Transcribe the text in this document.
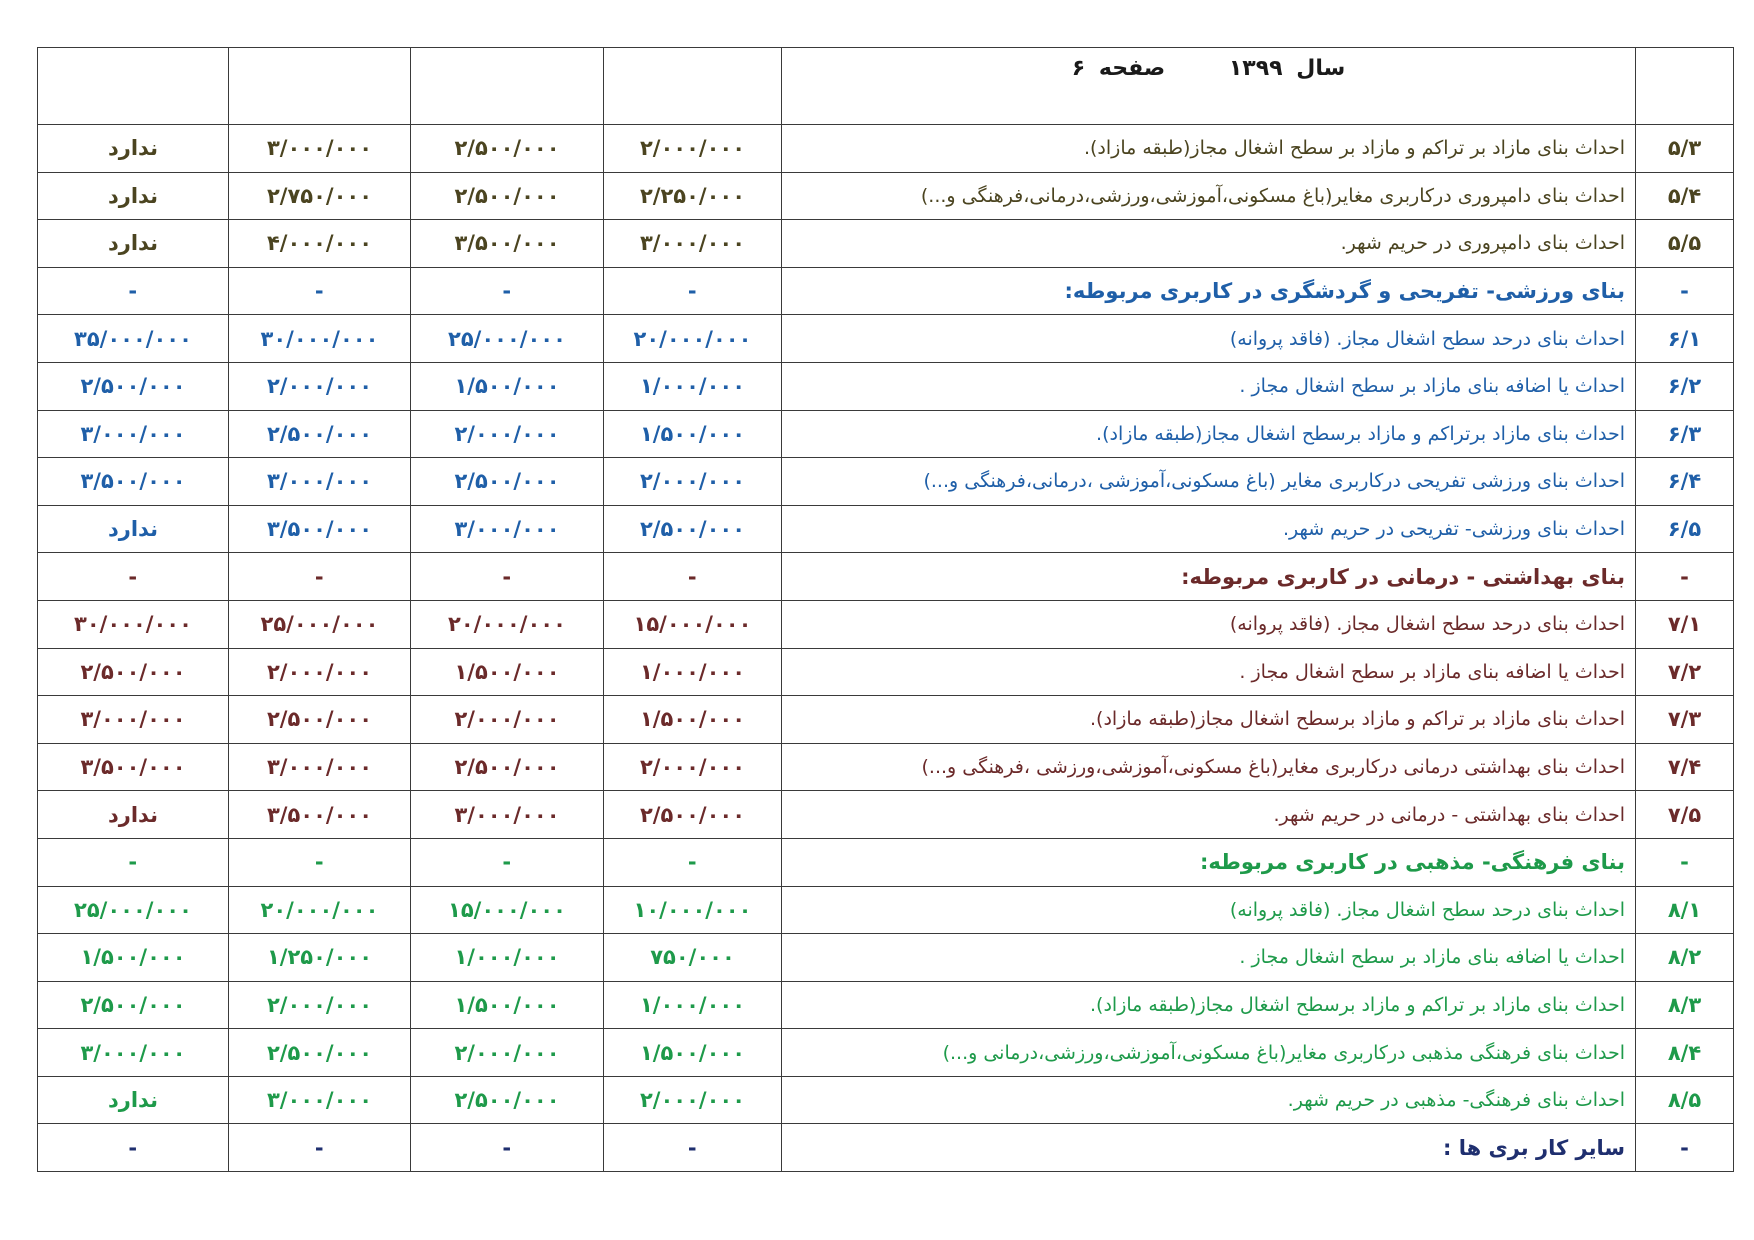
	سال ۱۳۹۹ صفحه ۶				
۵/۳	احداث بنای مازاد بر تراکم و مازاد بر سطح اشغال مجاز(طبقه مازاد).	۲/۰۰۰/۰۰۰	۲/۵۰۰/۰۰۰	۳/۰۰۰/۰۰۰	ندارد
۵/۴	احداث بنای دامپروری درکاربری مغایر(باغ مسکونی،آموزشی،ورزشی،درمانی،فرهنگی و...)	۲/۲۵۰/۰۰۰	۲/۵۰۰/۰۰۰	۲/۷۵۰/۰۰۰	ندارد
۵/۵	احداث بنای دامپروری در حریم شهر.	۳/۰۰۰/۰۰۰	۳/۵۰۰/۰۰۰	۴/۰۰۰/۰۰۰	ندارد
-	بنای ورزشی- تفریحی و گردشگری در کاربری مربوطه:	-	-	-	-
۶/۱	احداث بنای درحد سطح اشغال مجاز. (فاقد پروانه)	۲۰/۰۰۰/۰۰۰	۲۵/۰۰۰/۰۰۰	۳۰/۰۰۰/۰۰۰	۳۵/۰۰۰/۰۰۰
۶/۲	احداث یا اضافه بنای مازاد بر سطح اشغال مجاز .	۱/۰۰۰/۰۰۰	۱/۵۰۰/۰۰۰	۲/۰۰۰/۰۰۰	۲/۵۰۰/۰۰۰
۶/۳	احداث بنای مازاد برتراکم و مازاد برسطح اشغال مجاز(طبقه مازاد).	۱/۵۰۰/۰۰۰	۲/۰۰۰/۰۰۰	۲/۵۰۰/۰۰۰	۳/۰۰۰/۰۰۰
۶/۴	احداث بنای ورزشی تفریحی درکاربری مغایر (باغ مسکونی،آموزشی ،درمانی،فرهنگی و...)	۲/۰۰۰/۰۰۰	۲/۵۰۰/۰۰۰	۳/۰۰۰/۰۰۰	۳/۵۰۰/۰۰۰
۶/۵	احداث بنای ورزشی- تفریحی در حریم شهر.	۲/۵۰۰/۰۰۰	۳/۰۰۰/۰۰۰	۳/۵۰۰/۰۰۰	ندارد
-	بنای بهداشتی - درمانی در کاربری مربوطه:	-	-	-	-
۷/۱	احداث بنای درحد سطح اشغال مجاز. (فاقد پروانه)	۱۵/۰۰۰/۰۰۰	۲۰/۰۰۰/۰۰۰	۲۵/۰۰۰/۰۰۰	۳۰/۰۰۰/۰۰۰
۷/۲	احداث یا اضافه بنای مازاد بر سطح اشغال مجاز .	۱/۰۰۰/۰۰۰	۱/۵۰۰/۰۰۰	۲/۰۰۰/۰۰۰	۲/۵۰۰/۰۰۰
۷/۳	احداث بنای مازاد بر تراکم و مازاد برسطح اشغال مجاز(طبقه مازاد).	۱/۵۰۰/۰۰۰	۲/۰۰۰/۰۰۰	۲/۵۰۰/۰۰۰	۳/۰۰۰/۰۰۰
۷/۴	احداث بنای بهداشتی درمانی درکاربری مغایر(باغ مسکونی،آموزشی،ورزشی ،فرهنگی و...)	۲/۰۰۰/۰۰۰	۲/۵۰۰/۰۰۰	۳/۰۰۰/۰۰۰	۳/۵۰۰/۰۰۰
۷/۵	احداث بنای بهداشتی - درمانی در حریم شهر.	۲/۵۰۰/۰۰۰	۳/۰۰۰/۰۰۰	۳/۵۰۰/۰۰۰	ندارد
-	بنای فرهنگی- مذهبی در کاربری مربوطه:	-	-	-	-
۸/۱	احداث بنای درحد سطح اشغال مجاز. (فاقد پروانه)	۱۰/۰۰۰/۰۰۰	۱۵/۰۰۰/۰۰۰	۲۰/۰۰۰/۰۰۰	۲۵/۰۰۰/۰۰۰
۸/۲	احداث یا اضافه بنای مازاد بر سطح اشغال مجاز .	۷۵۰/۰۰۰	۱/۰۰۰/۰۰۰	۱/۲۵۰/۰۰۰	۱/۵۰۰/۰۰۰
۸/۳	احداث بنای مازاد بر تراکم و مازاد برسطح اشغال مجاز(طبقه مازاد).	۱/۰۰۰/۰۰۰	۱/۵۰۰/۰۰۰	۲/۰۰۰/۰۰۰	۲/۵۰۰/۰۰۰
۸/۴	احداث بنای فرهنگی مذهبی درکاربری مغایر(باغ مسکونی،آموزشی،ورزشی،درمانی و...)	۱/۵۰۰/۰۰۰	۲/۰۰۰/۰۰۰	۲/۵۰۰/۰۰۰	۳/۰۰۰/۰۰۰
۸/۵	احداث بنای فرهنگی- مذهبی در حریم شهر.	۲/۰۰۰/۰۰۰	۲/۵۰۰/۰۰۰	۳/۰۰۰/۰۰۰	ندارد
-	سایر کار بری ها :	-	-	-	-
